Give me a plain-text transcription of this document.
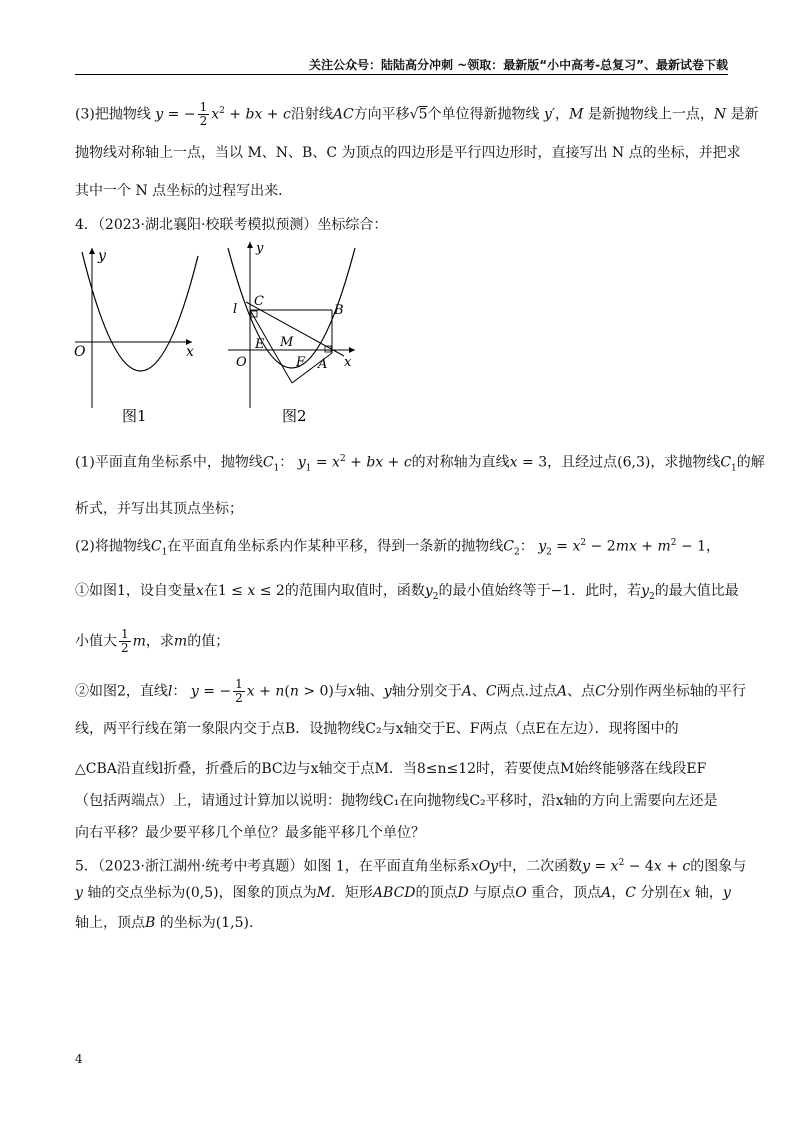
关注公众号：陆陆高分冲刺 ~领取：最新版“小中高考-总复习”、最新试卷下载
(3)把抛物线 y = − $\frac{1}{2} x^2$ + bx + c沿射线AC方向平移√5个单位得新抛物线 y′，M 是新抛物线上一点，N 是新
抛物线对称轴上一点，当以 M、N、B、C 为顶点的四边形是平行四边形时，直接写出 N 点的坐标，并把求
其中一个 N 点坐标的过程写出来．
4．（2023·湖北襄阳·校联考模拟预测）坐标综合：
O	x
y
图1
l
C
B
E M
F A
O	x
y
图2
(1)平面直角坐标系中，抛物线$C_1$： $y_1 = x^2$ + bx + c的对称轴为直线x = 3，且经过点(6,3)，求抛物线$C_1$的解
析式，并写出其顶点坐标；
(2)将抛物线$C_1$在平面直角坐标系内作某种平移，得到一条新的抛物线$C_2$： $y_2 = x^2 - 2mx + m^2 - 1$，
①如图1，设自变量x在1 ≤ x ≤ 2的范围内取值时，函数$y_2$的最小值始终等于−1．此时，若$y_2$的最大值比最
小值大 $\frac{1}{2}$ m，求m的值；
②如图2，直线l： y = − $\frac{1}{2}$ x + n(n > 0)与x轴、y轴分别交于A、C两点.过点A、点C分别作两坐标轴的平行
线，两平行线在第一象限内交于点B．设抛物线C₂与x轴交于E、F两点（点E在左边）．现将图中的
△CBA沿直线l折叠，折叠后的BC边与x轴交于点M．当8≤n≤12时，若要使点M始终能够落在线段EF
（包括两端点）上，请通过计算加以说明：抛物线C₁在向抛物线C₂平移时，沿x轴的方向上需要向左还是
向右平移？最少要平移几个单位？最多能平移几个单位？
5．（2023·浙江湖州·统考中考真题）如图 1，在平面直角坐标系xOy中，二次函数$y = x^2 - 4x + c$的图象与
y 轴的交点坐标为(0,5)，图象的顶点为M．矩形ABCD的顶点D 与原点O 重合，顶点A，C 分别在x 轴，y
轴上，顶点B 的坐标为(1,5).
4
